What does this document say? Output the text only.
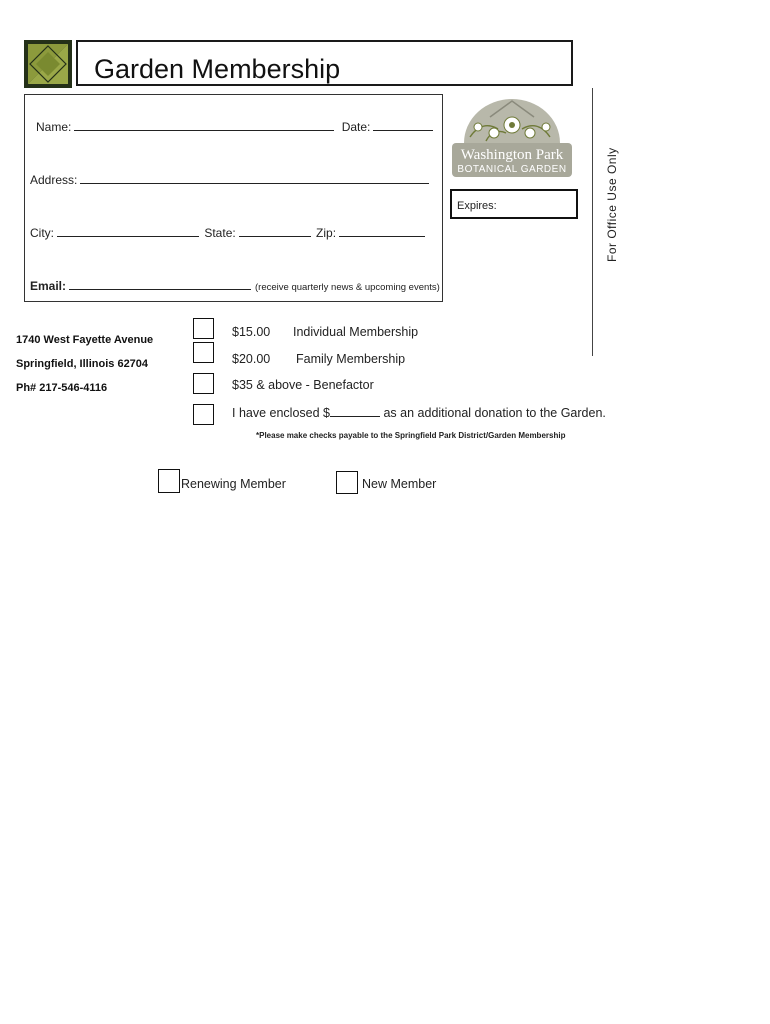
Garden Membership
Name:	Date:
Address:
City:	State:	Zip:
Email:	(receive quarterly news & upcoming events)
Washington Park
BOTANICAL GARDEN
Expires:	For Office Use Only
1740 West Fayette Avenue
Springfield, Illinois 62704
Ph# 217-546-4116
$15.00 Individual Membership
$20.00 Family Membership
$35 & above - Benefactor
I have enclosed $	as an additional donation to the Garden.
*Please make checks payable to the Springfield Park District/Garden Membership
Renewing Member	New Member
